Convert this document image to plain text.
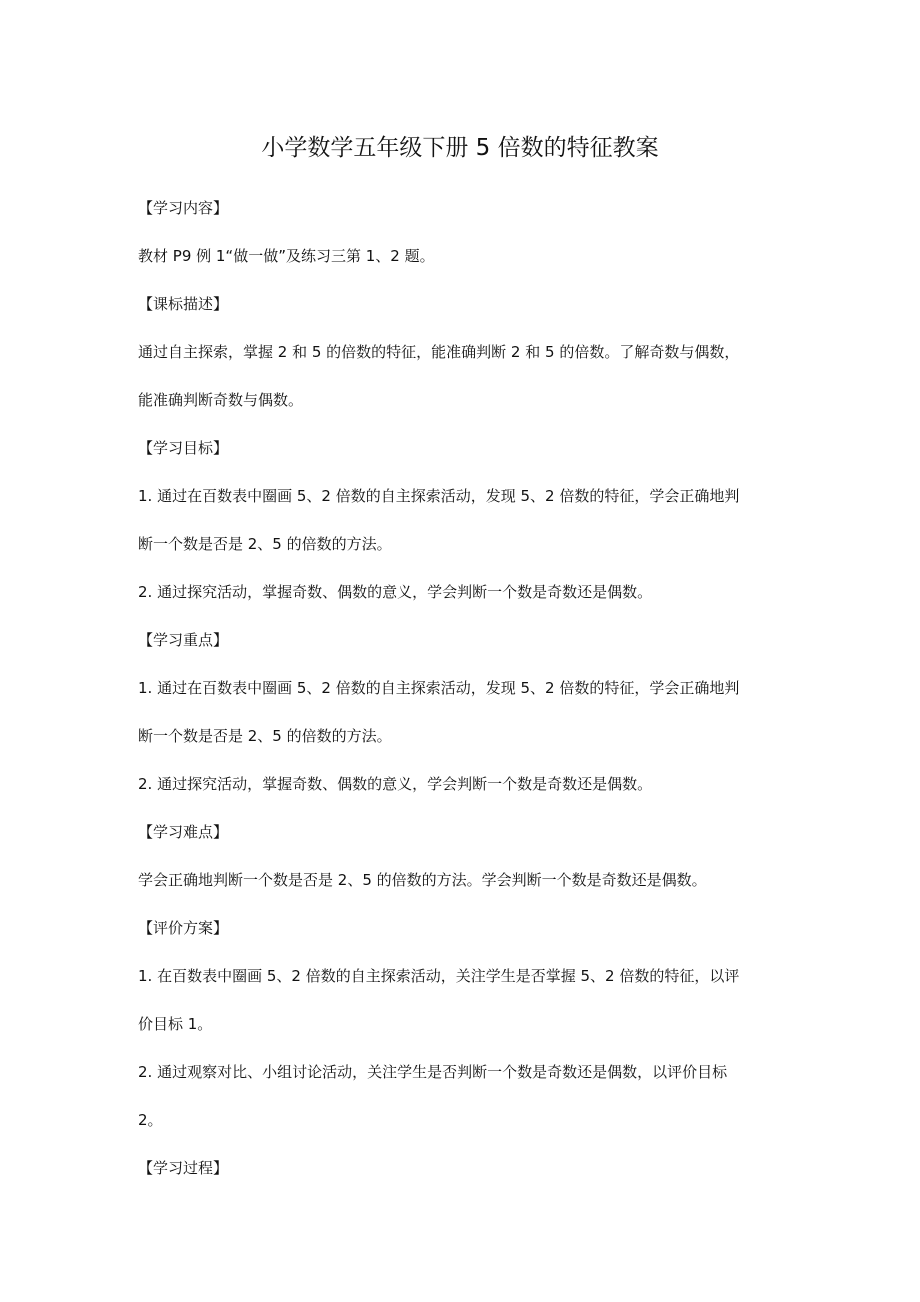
小学数学五年级下册 5 倍数的特征教案
【学习内容】
教材 P9 例 1“做一做”及练习三第 1、2 题。
【课标描述】
通过自主探索，掌握 2 和 5 的倍数的特征，能准确判断 2 和 5 的倍数。了解奇数与偶数，
能准确判断奇数与偶数。
【学习目标】
1. 通过在百数表中圈画 5、2 倍数的自主探索活动，发现 5、2 倍数的特征，学会正确地判
断一个数是否是 2、5 的倍数的方法。
2. 通过探究活动，掌握奇数、偶数的意义，学会判断一个数是奇数还是偶数。
【学习重点】
1. 通过在百数表中圈画 5、2 倍数的自主探索活动，发现 5、2 倍数的特征，学会正确地判
断一个数是否是 2、5 的倍数的方法。
2. 通过探究活动，掌握奇数、偶数的意义，学会判断一个数是奇数还是偶数。
【学习难点】
学会正确地判断一个数是否是 2、5 的倍数的方法。学会判断一个数是奇数还是偶数。
【评价方案】
1. 在百数表中圈画 5、2 倍数的自主探索活动，关注学生是否掌握 5、2 倍数的特征，以评
价目标 1。
2. 通过观察对比、小组讨论活动，关注学生是否判断一个数是奇数还是偶数，以评价目标
2。
【学习过程】
